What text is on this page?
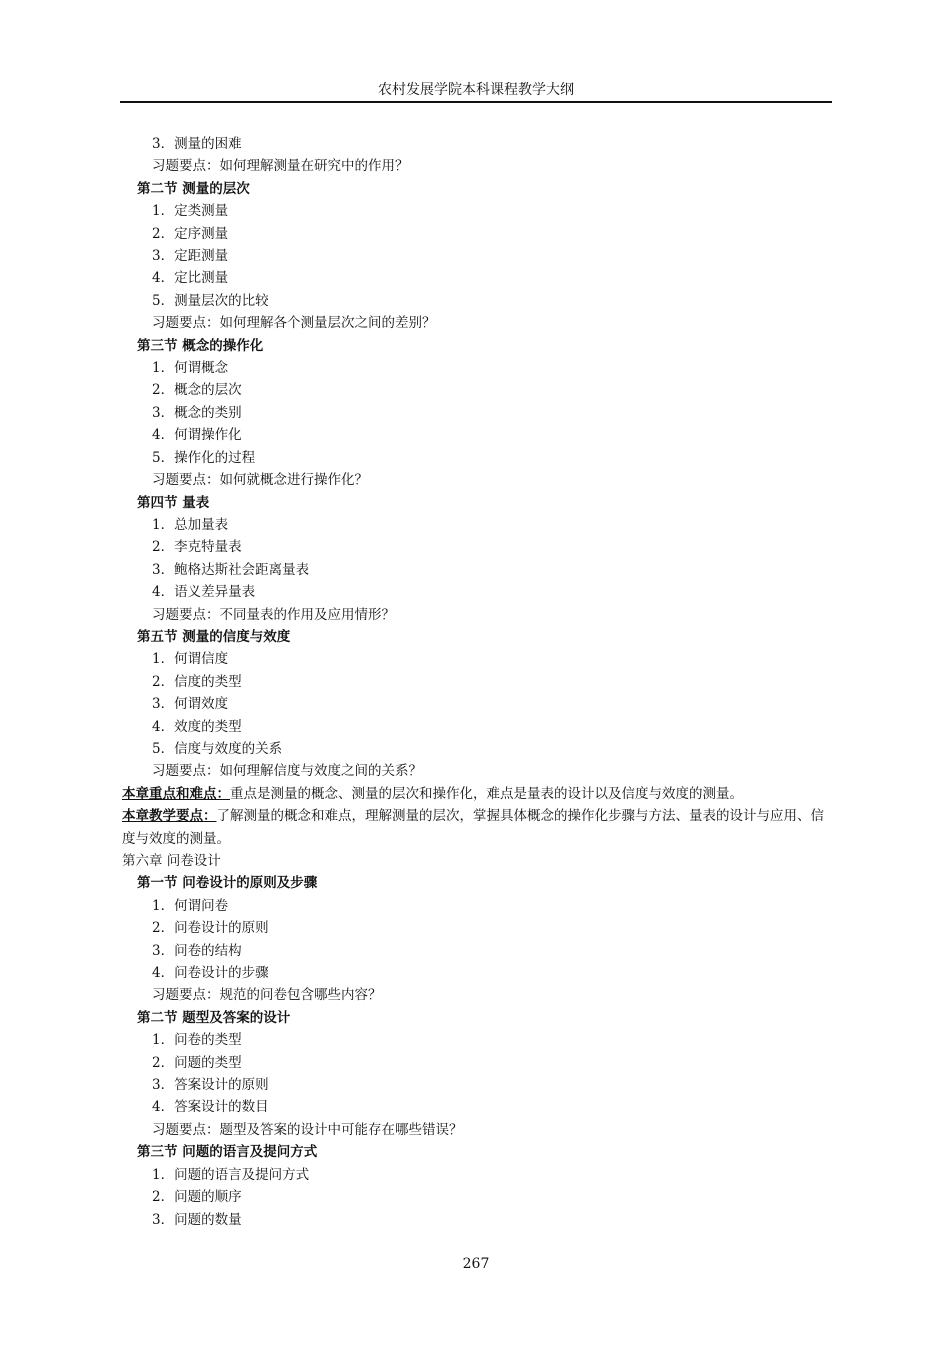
农村发展学院本科课程教学大纲
3．测量的困难
习题要点：如何理解测量在研究中的作用？
第二节 测量的层次
1．定类测量
2．定序测量
3．定距测量
4．定比测量
5．测量层次的比较
习题要点：如何理解各个测量层次之间的差别？
第三节 概念的操作化
1．何谓概念
2．概念的层次
3．概念的类别
4．何谓操作化
5．操作化的过程
习题要点：如何就概念进行操作化？
第四节 量表
1．总加量表
2．李克特量表
3．鲍格达斯社会距离量表
4．语义差异量表
习题要点：不同量表的作用及应用情形？
第五节 测量的信度与效度
1．何谓信度
2．信度的类型
3．何谓效度
4．效度的类型
5．信度与效度的关系
习题要点：如何理解信度与效度之间的关系？
本章重点和难点：重点是测量的概念、测量的层次和操作化，难点是量表的设计以及信度与效度的测量。
本章教学要点：了解测量的概念和难点，理解测量的层次，掌握具体概念的操作化步骤与方法、量表的设计与应用、信度与效度的测量。
第六章 问卷设计
第一节 问卷设计的原则及步骤
1．何谓问卷
2．问卷设计的原则
3．问卷的结构
4．问卷设计的步骤
习题要点：规范的问卷包含哪些内容？
第二节 题型及答案的设计
1．问卷的类型
2．问题的类型
3．答案设计的原则
4．答案设计的数目
习题要点：题型及答案的设计中可能存在哪些错误？
第三节 问题的语言及提问方式
1．问题的语言及提问方式
2．问题的顺序
3．问题的数量
267
